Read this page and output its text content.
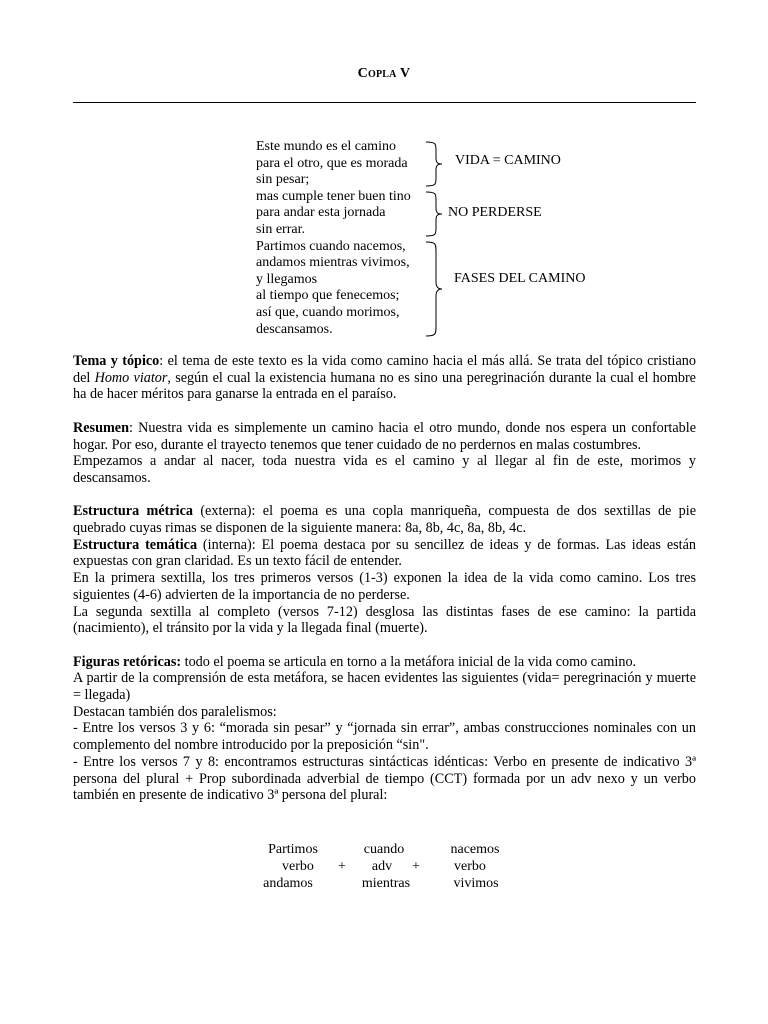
Copla V
Este mundo es el camino
para el otro, que es morada
sin pesar;
mas cumple tener buen tino
para andar esta jornada
sin errar.
Partimos cuando nacemos,
andamos mientras vivimos,
y llegamos
al tiempo que fenecemos;
así que, cuando morimos,
descansamos.
VIDA = CAMINO
NO PERDERSE
FASES DEL CAMINO

Tema y tópico: el tema de este texto es la vida como camino hacia el más allá. Se trata del tópico cristiano del Homo viator, según el cual la existencia humana no es sino una peregrinación durante la cual el hombre ha de hacer méritos para ganarse la entrada en el paraíso.

Resumen: Nuestra vida es simplemente un camino hacia el otro mundo, donde nos espera un confortable hogar. Por eso, durante el trayecto tenemos que tener cuidado de no perdernos en malas costumbres.

Empezamos a andar al nacer, toda nuestra vida es el camino y al llegar al fin de este, morimos y descansamos.

Estructura métrica (externa): el poema es una copla manriqueña, compuesta de dos sextillas de pie quebrado cuyas rimas se disponen de la siguiente manera: 8a, 8b, 4c, 8a, 8b, 4c.

Estructura temática (interna): El poema destaca por su sencillez de ideas y de formas. Las ideas están expuestas con gran claridad. Es un texto fácil de entender.

En la primera sextilla, los tres primeros versos (1-3) exponen la idea de la vida como camino. Los tres siguientes (4-6) advierten de la importancia de no perderse.

La segunda sextilla al completo (versos 7-12) desglosa las distintas fases de ese camino: la partida (nacimiento), el tránsito por la vida y la llegada final (muerte).

Figuras retóricas: todo el poema se articula en torno a la metáfora inicial de la vida como camino.

A partir de la comprensión de esta metáfora, se hacen evidentes las siguientes (vida= peregrinación y muerte = llegada)

Destacan también dos paralelismos:

- Entre los versos 3 y 6: “morada sin pesar” y “jornada sin errar”, ambas construcciones nominales con un complemento del nombre introducido por la preposición “sin".

- Entre los versos 7 y 8: encontramos estructuras sintácticas idénticas: Verbo en presente de indicativo 3ª persona del plural + Prop subordinada adverbial de tiempo (CCT) formada por un adv nexo y un verbo también en presente de indicativo 3ª persona del plural:

Partimos	cuando	nacemos
verbo	+	adv	+	verbo
andamos	mientras	vivimos
